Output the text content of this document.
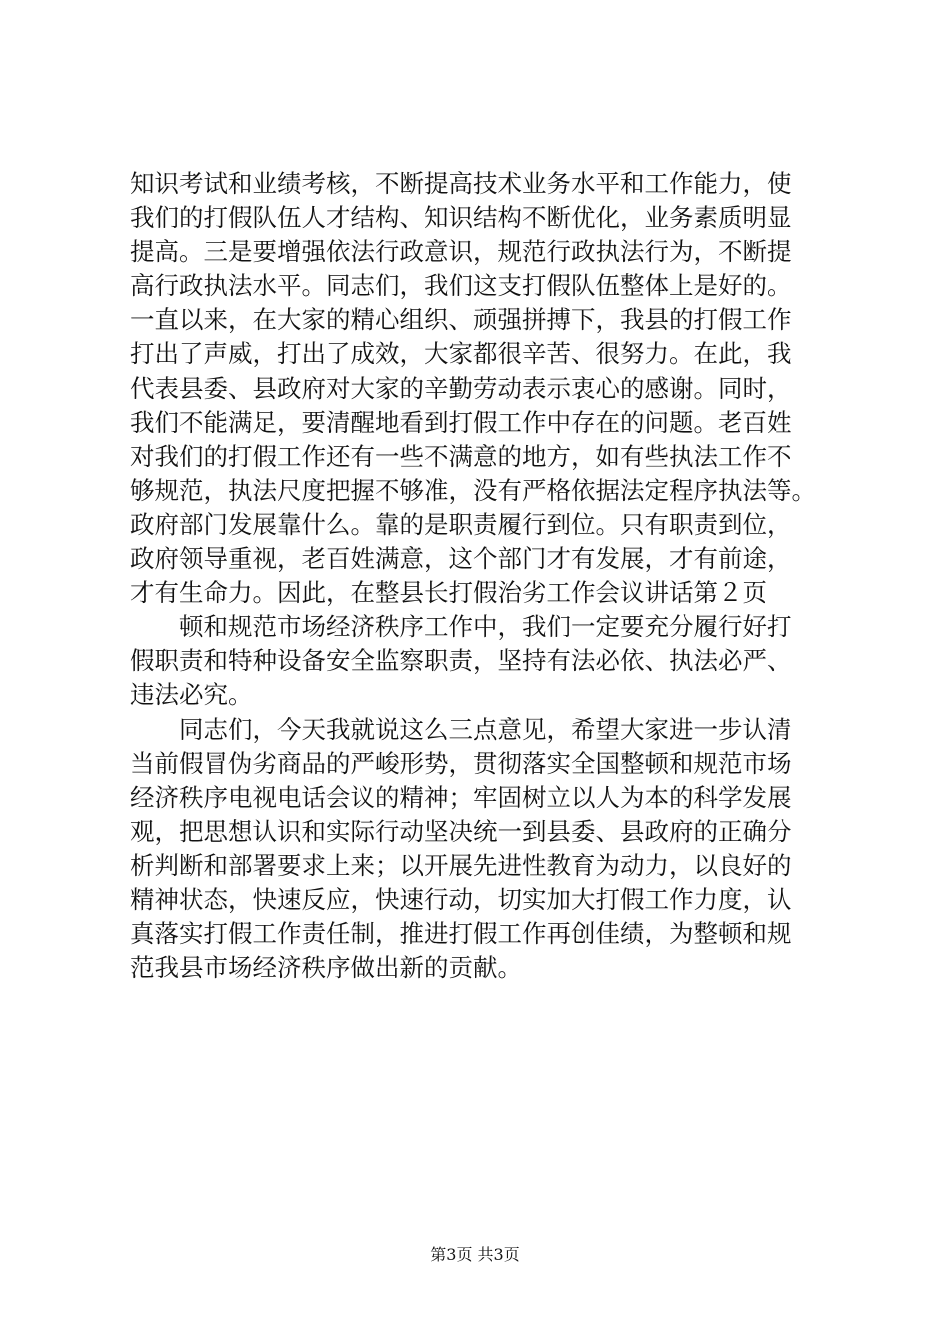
知识考试和业绩考核，不断提高技术业务水平和工作能力，使
我们的打假队伍人才结构、知识结构不断优化，业务素质明显
提高。三是要增强依法行政意识，规范行政执法行为，不断提
高行政执法水平。同志们，我们这支打假队伍整体上是好的。
一直以来，在大家的精心组织、顽强拼搏下，我县的打假工作
打出了声威，打出了成效，大家都很辛苦、很努力。在此，我
代表县委、县政府对大家的辛勤劳动表示衷心的感谢。同时，
我们不能满足，要清醒地看到打假工作中存在的问题。老百姓
对我们的打假工作还有一些不满意的地方，如有些执法工作不
够规范，执法尺度把握不够准，没有严格依据法定程序执法等。
政府部门发展靠什么。靠的是职责履行到位。只有职责到位，
政府领导重视，老百姓满意，这个部门才有发展，才有前途，
才有生命力。因此，在整县长打假治劣工作会议讲话第２页
顿和规范市场经济秩序工作中，我们一定要充分履行好打
假职责和特种设备安全监察职责，坚持有法必依、执法必严、
违法必究。
同志们，今天我就说这么三点意见，希望大家进一步认清
当前假冒伪劣商品的严峻形势，贯彻落实全国整顿和规范市场
经济秩序电视电话会议的精神；牢固树立以人为本的科学发展
观，把思想认识和实际行动坚决统一到县委、县政府的正确分
析判断和部署要求上来；以开展先进性教育为动力，以良好的
精神状态，快速反应，快速行动，切实加大打假工作力度，认
真落实打假工作责任制，推进打假工作再创佳绩，为整顿和规
范我县市场经济秩序做出新的贡献。
第3页 共3页
